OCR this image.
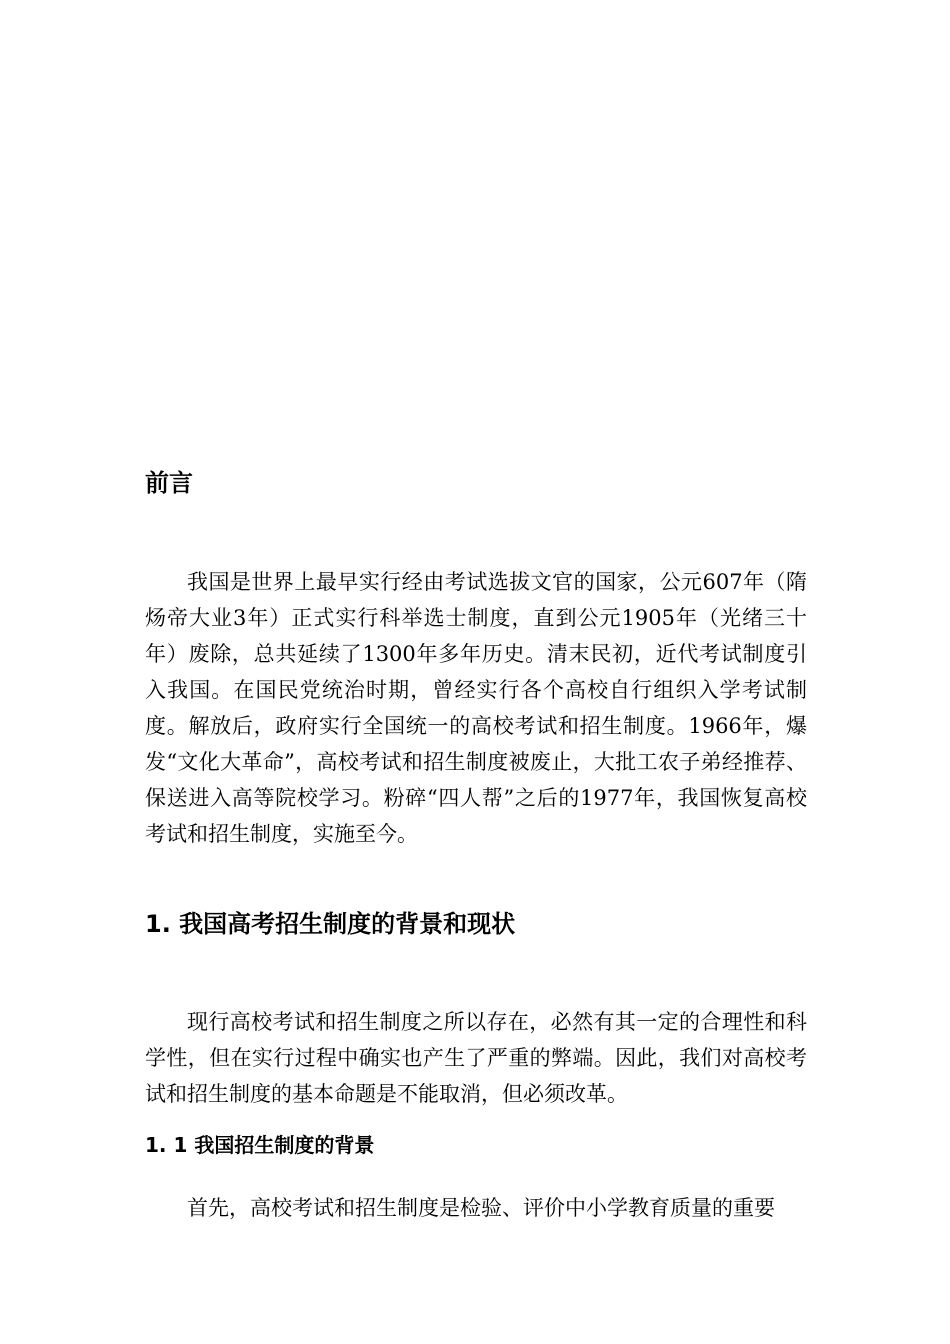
前言

我国是世界上最早实行经由考试选拔文官的国家，公元607年（隋炀帝大业3年）正式实行科举选士制度，直到公元1905年（光绪三十年）废除，总共延续了1300年多年历史。清末民初，近代考试制度引入我国。在国民党统治时期，曾经实行各个高校自行组织入学考试制度。解放后，政府实行全国统一的高校考试和招生制度。1966年，爆发“文化大革命”，高校考试和招生制度被废止，大批工农子弟经推荐、保送进入高等院校学习。粉碎“四人帮”之后的1977年，我国恢复高校考试和招生制度，实施至今。

1. 我国高考招生制度的背景和现状

现行高校考试和招生制度之所以存在，必然有其一定的合理性和科学性，但在实行过程中确实也产生了严重的弊端。因此，我们对高校考试和招生制度的基本命题是不能取消，但必须改革。

1. 1 我国招生制度的背景

首先，高校考试和招生制度是检验、评价中小学教育质量的重要
